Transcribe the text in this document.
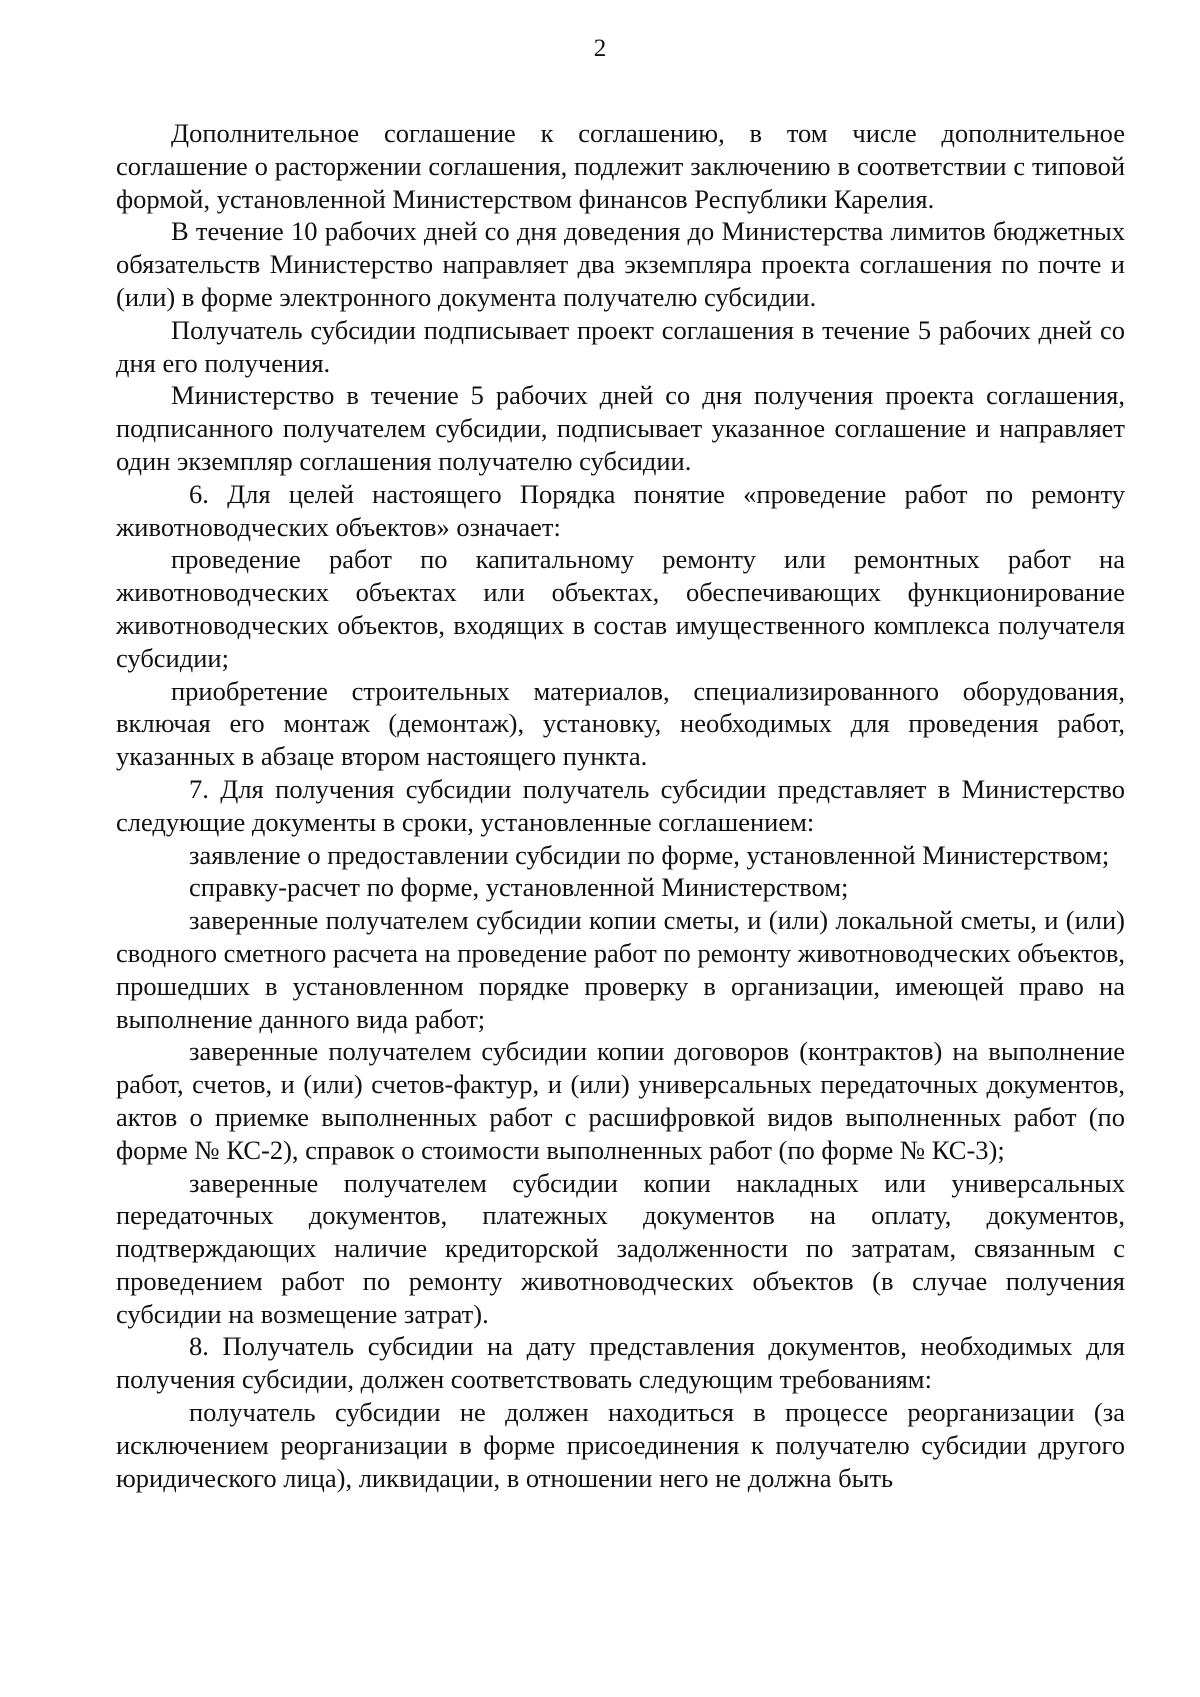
2

Дополнительное соглашение к соглашению, в том числе дополнительное соглашение о расторжении соглашения, подлежит заключению в соответствии с типовой формой, установленной Министерством финансов Республики Карелия.

В течение 10 рабочих дней со дня доведения до Министерства лимитов бюджетных обязательств Министерство направляет два экземпляра проекта соглашения по почте и (или) в форме электронного документа получателю субсидии.

Получатель субсидии подписывает проект соглашения в течение 5 рабочих дней со дня его получения.

Министерство в течение 5 рабочих дней со дня получения проекта соглашения, подписанного получателем субсидии, подписывает указанное соглашение и направляет один экземпляр соглашения получателю субсидии.

6. Для целей настоящего Порядка понятие «проведение работ по ремонту животноводческих объектов» означает:

проведение работ по капитальному ремонту или ремонтных работ на животноводческих объектах или объектах, обеспечивающих функционирование животноводческих объектов, входящих в состав имущественного комплекса получателя субсидии;

приобретение строительных материалов, специализированного оборудования, включая его монтаж (демонтаж), установку, необходимых для проведения работ, указанных в абзаце втором настоящего пункта.

7. Для получения субсидии получатель субсидии представляет в Министерство следующие документы в сроки, установленные соглашением:

заявление о предоставлении субсидии по форме, установленной Министерством;

справку-расчет по форме, установленной Министерством;

заверенные получателем субсидии копии сметы, и (или) локальной сметы, и (или) сводного сметного расчета на проведение работ по ремонту животноводческих объектов, прошедших в установленном порядке проверку в организации, имеющей право на выполнение данного вида работ;

заверенные получателем субсидии копии договоров (контрактов) на выполнение работ, счетов, и (или) счетов-фактур, и (или) универсальных передаточных документов, актов о приемке выполненных работ с расшифровкой видов выполненных работ (по форме № КС-2), справок о стоимости выполненных работ (по форме № КС-3);

заверенные получателем субсидии копии накладных или универсальных передаточных документов, платежных документов на оплату, документов, подтверждающих наличие кредиторской задолженности по затратам, связанным с проведением работ по ремонту животноводческих объектов (в случае получения субсидии на возмещение затрат).

8. Получатель субсидии на дату представления документов, необходимых для получения субсидии, должен соответствовать следующим требованиям:

получатель субсидии не должен находиться в процессе реорганизации (за исключением реорганизации в форме присоединения к получателю субсидии другого юридического лица), ликвидации, в отношении него не должна быть
